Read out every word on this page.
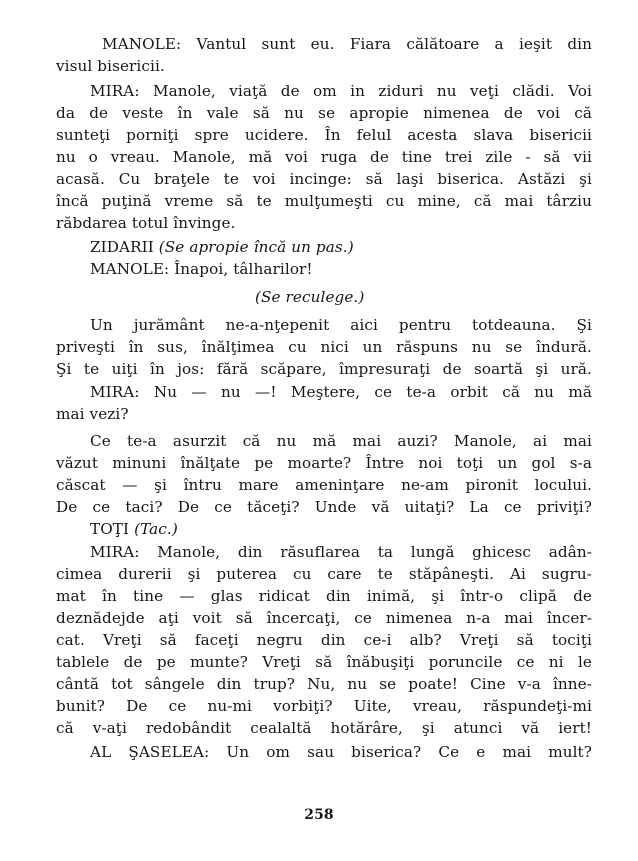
MANOLE: Vantul sunt eu. Fiara călătoare a ieşit din
visul bisericii.
MIRA: Manole, viaţă de om in ziduri nu veţi clădi. Voi
da de veste în vale să nu se apropie nimenea de voi că
sunteţi porniţi spre ucidere. În felul acesta slava bisericii
nu o vreau. Manole, mă voi ruga de tine trei zile - să vii
acasă. Cu braţele te voi incinge: să laşi biserica. Astăzi şi
încă puţină vreme să te mulţumeşti cu mine, că mai târziu
răbdarea totul învinge.
ZIDARII (Se apropie încă un pas.)
MANOLE: Înapoi, tâlharilor!
(Se reculege.)
Un jurământ ne-a-nţepenit aici pentru totdeauna. Şi
priveşti în sus, înălţimea cu nici un răspuns nu se îndură.
Şi te uiţi în jos: fără scăpare, împresuraţi de soartă şi ură.
MIRA: Nu — nu —! Meştere, ce te-a orbit că nu mă
mai vezi?
Ce te-a asurzit că nu mă mai auzi? Manole, ai mai
văzut minuni înălţate pe moarte? Între noi toţi un gol s-a
căscat — şi întru mare ameninţare ne-am pironit locului.
De ce taci? De ce tăceţi? Unde vă uitaţi? La ce priviţi?
TOŢI (Tac.)
MIRA: Manole, din răsuflarea ta lungă ghicesc adân-
cimea durerii şi puterea cu care te stăpâneşti. Ai sugru-
mat în tine — glas ridicat din inimă, şi într-o clipă de
deznădejde aţi voit să încercaţi, ce nimenea n-a mai încer-
cat. Vreţi să faceţi negru din ce-i alb? Vreţi să tociţi
tablele de pe munte? Vreţi să înăbuşiţi poruncile ce ni le
cântă tot sângele din trup? Nu, nu se poate! Cine v-a înne-
bunit? De ce nu-mi vorbiţi? Uite, vreau, răspundeţi-mi
că v-aţi redobândit cealaltă hotărâre, şi atunci vă iert!
AL ŞASELEA: Un om sau biserica? Ce e mai mult?
258
